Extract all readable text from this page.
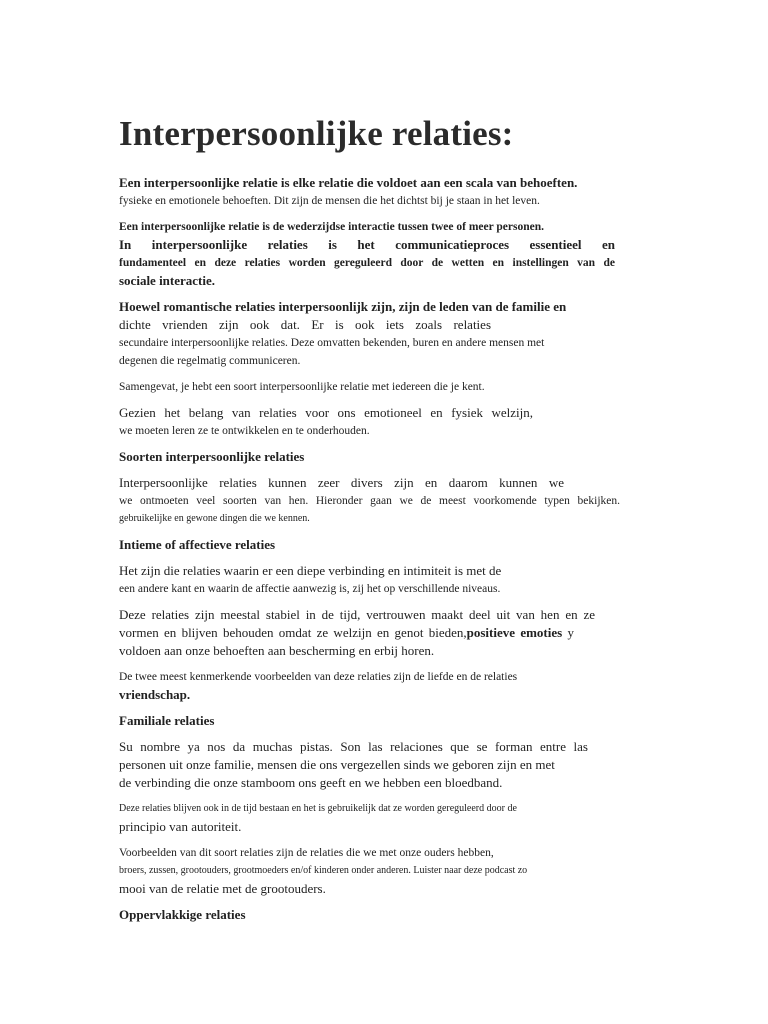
Interpersoonlijke relaties:
Een interpersoonlijke relatie is elke relatie die voldoet aan een scala van behoeften.
fysieke en emotionele behoeften. Dit zijn de mensen die het dichtst bij je staan in het leven.
Een interpersoonlijke relatie is de wederzijdse interactie tussen twee of meer personen.
In interpersoonlijke relaties is het communicatieproces essentieel en
fundamenteel en deze relaties worden gereguleerd door de wetten en instellingen van de
sociale interactie.
Hoewel romantische relaties interpersoonlijk zijn, zijn de leden van de familie en
dichte vrienden zijn ook dat. Er is ook iets zoals relaties
secundaire interpersoonlijke relaties. Deze omvatten bekenden, buren en andere mensen met
degenen die regelmatig communiceren.
Samengevat, je hebt een soort interpersoonlijke relatie met iedereen die je kent.
Gezien het belang van relaties voor ons emotioneel en fysiek welzijn,
we moeten leren ze te ontwikkelen en te onderhouden.
Soorten interpersoonlijke relaties
Interpersoonlijke relaties kunnen zeer divers zijn en daarom kunnen we
we ontmoeten veel soorten van hen. Hieronder gaan we de meest voorkomende typen bekijken.
gebruikelijke en gewone dingen die we kennen.
Intieme of affectieve relaties
Het zijn die relaties waarin er een diepe verbinding en intimiteit is met de
een andere kant en waarin de affectie aanwezig is, zij het op verschillende niveaus.
Deze relaties zijn meestal stabiel in de tijd, vertrouwen maakt deel uit van hen en ze
vormen en blijven behouden omdat ze welzijn en genot bieden,positieve emoties y
voldoen aan onze behoeften aan bescherming en erbij horen.
De twee meest kenmerkende voorbeelden van deze relaties zijn de liefde en de relaties
vriendschap.
Familiale relaties
Su nombre ya nos da muchas pistas. Son las relaciones que se forman entre las
personen uit onze familie, mensen die ons vergezellen sinds we geboren zijn en met
de verbinding die onze stamboom ons geeft en we hebben een bloedband.
Deze relaties blijven ook in de tijd bestaan en het is gebruikelijk dat ze worden gereguleerd door de
principio van autoriteit.
Voorbeelden van dit soort relaties zijn de relaties die we met onze ouders hebben,
broers, zussen, grootouders, grootmoeders en/of kinderen onder anderen. Luister naar deze podcast zo
mooi van de relatie met de grootouders.
Oppervlakkige relaties
